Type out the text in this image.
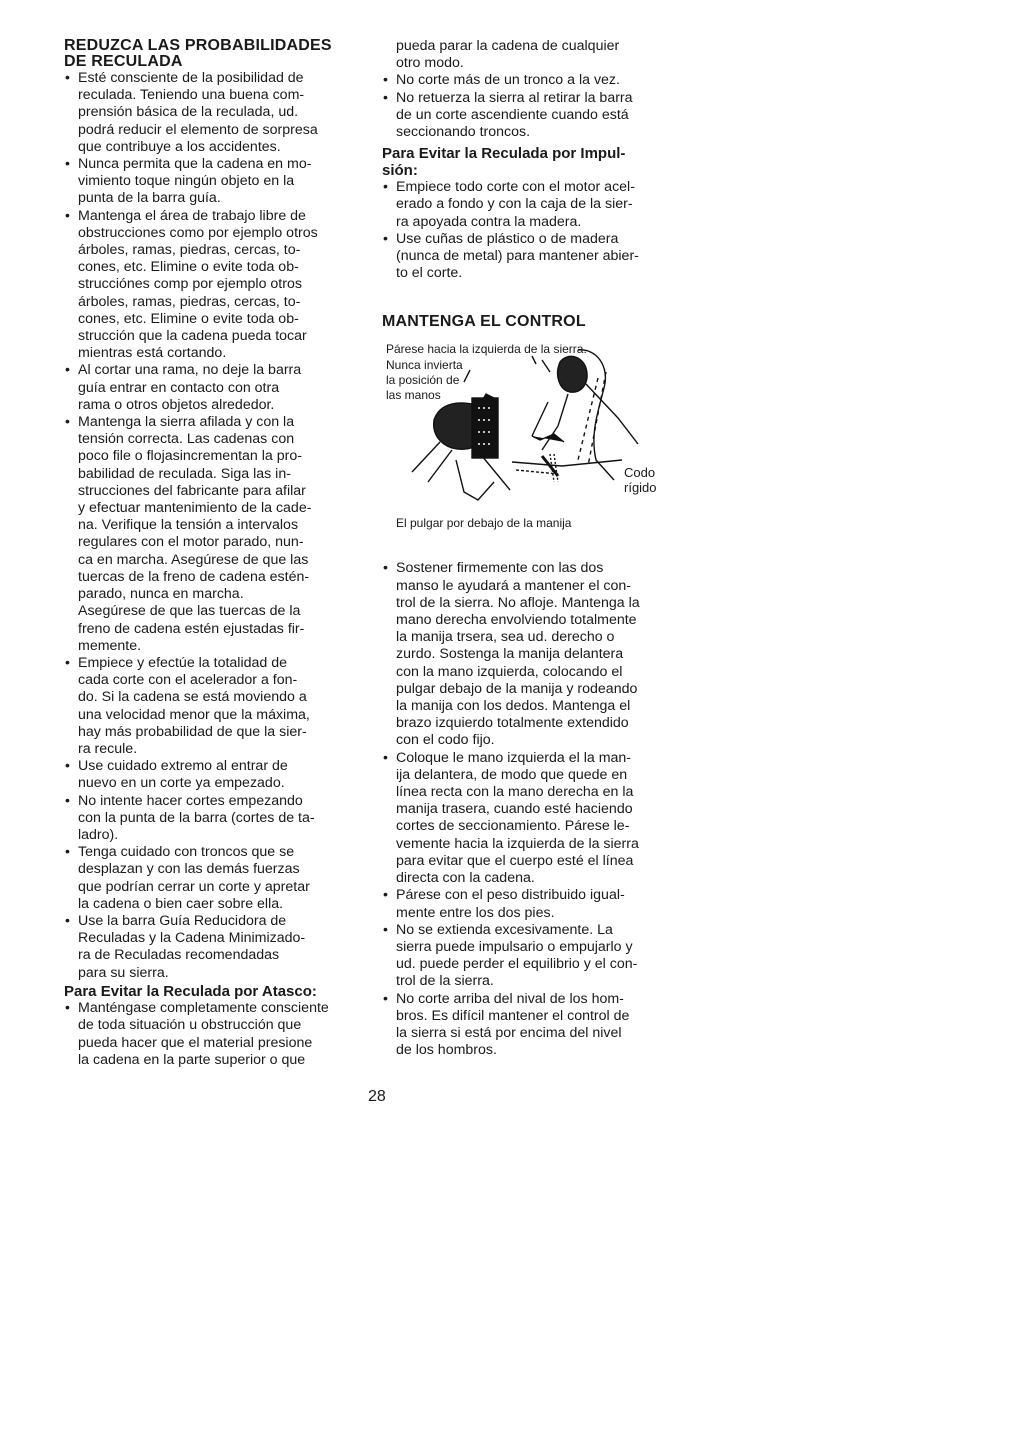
REDUZCA LAS PROBABILIDADES
DE RECULADA
• Esté consciente de la posibilidad de
reculada. Teniendo una buena com-
prensión básica de la reculada, ud.
podrá reducir el elemento de sorpresa
que contribuye a los accidentes.
• Nunca permita que la cadena en mo-
vimiento toque ningún objeto en la
punta de la barra guía.
• Mantenga el área de trabajo libre de
obstrucciones como por ejemplo otros
árboles, ramas, piedras, cercas, to-
cones, etc. Elimine o evite toda ob-
strucciónes comp por ejemplo otros
árboles, ramas, piedras, cercas, to-
cones, etc. Elimine o evite toda ob-
strucción que la cadena pueda tocar
mientras está cortando.
• Al cortar una rama, no deje la barra
guía entrar en contacto con otra
rama o otros objetos alrededor.
• Mantenga la sierra afilada y con la
tensión correcta. Las cadenas con
poco file o flojasincrementan la pro-
babilidad de reculada. Siga las in-
strucciones del fabricante para afilar
y efectuar mantenimiento de la cade-
na. Verifique la tensión a intervalos
regulares con el motor parado, nun-
ca en marcha. Asegúrese de que las
tuercas de la freno de cadena estén-
parado, nunca en marcha.
Asegúrese de que las tuercas de la
freno de cadena estén ejustadas fir-
memente.
• Empiece y efectúe la totalidad de
cada corte con el acelerador a fon-
do. Si la cadena se está moviendo a
una velocidad menor que la máxima,
hay más probabilidad de que la sier-
ra recule.
• Use cuidado extremo al entrar de
nuevo en un corte ya empezado.
• No intente hacer cortes empezando
con la punta de la barra (cortes de ta-
ladro).
• Tenga cuidado con troncos que se
desplazan y con las demás fuerzas
que podrían cerrar un corte y apretar
la cadena o bien caer sobre ella.
• Use la barra Guía Reducidora de
Reculadas y la Cadena Minimizado-
ra de Reculadas recomendadas
para su sierra.
Para Evitar la Reculada por Atasco:
• Manténgase completamente consciente
de toda situación u obstrucción que
pueda hacer que el material presione
la cadena en la parte superior o que

pueda parar la cadena de cualquier
otro modo.

• No corte más de un tronco a la vez.
• No retuerza la sierra al retirar la barra
de un corte ascendiente cuando está
seccionando troncos.
Para Evitar la Reculada por Impul-
sión:
• Empiece todo corte con el motor acel-
erado a fondo y con la caja de la sier-
ra apoyada contra la madera.
• Use cuñas de plástico o de madera
(nunca de metal) para mantener abier-
to el corte.
MANTENGA EL CONTROL
Párese hacia la izquierda de la sierra.
Nunca invierta
la posición de
las manos
Codo rígido
El pulgar por debajo de la manija
• Sostener firmemente con las dos
manso le ayudará a mantener el con-
trol de la sierra. No afloje. Mantenga la
mano derecha envolviendo totalmente
la manija trsera, sea ud. derecho o
zurdo. Sostenga la manija delantera
con la mano izquierda, colocando el
pulgar debajo de la manija y rodeando
la manija con los dedos. Mantenga el
brazo izquierdo totalmente extendido
con el codo fijo.
• Coloque le mano izquierda el la man-
ija delantera, de modo que quede en
línea recta con la mano derecha en la
manija trasera, cuando esté haciendo
cortes de seccionamiento. Párese le-
vemente hacia la izquierda de la sierra
para evitar que el cuerpo esté el línea
directa con la cadena.
• Párese con el peso distribuido igual-
mente entre los dos pies.
• No se extienda excesivamente. La
sierra puede impulsario o empujarlo y
ud. puede perder el equilibrio y el con-
trol de la sierra.
• No corte arriba del nival de los hom-
bros. Es difícil mantener el control de
la sierra si está por encima del nivel
de los hombros.
28
